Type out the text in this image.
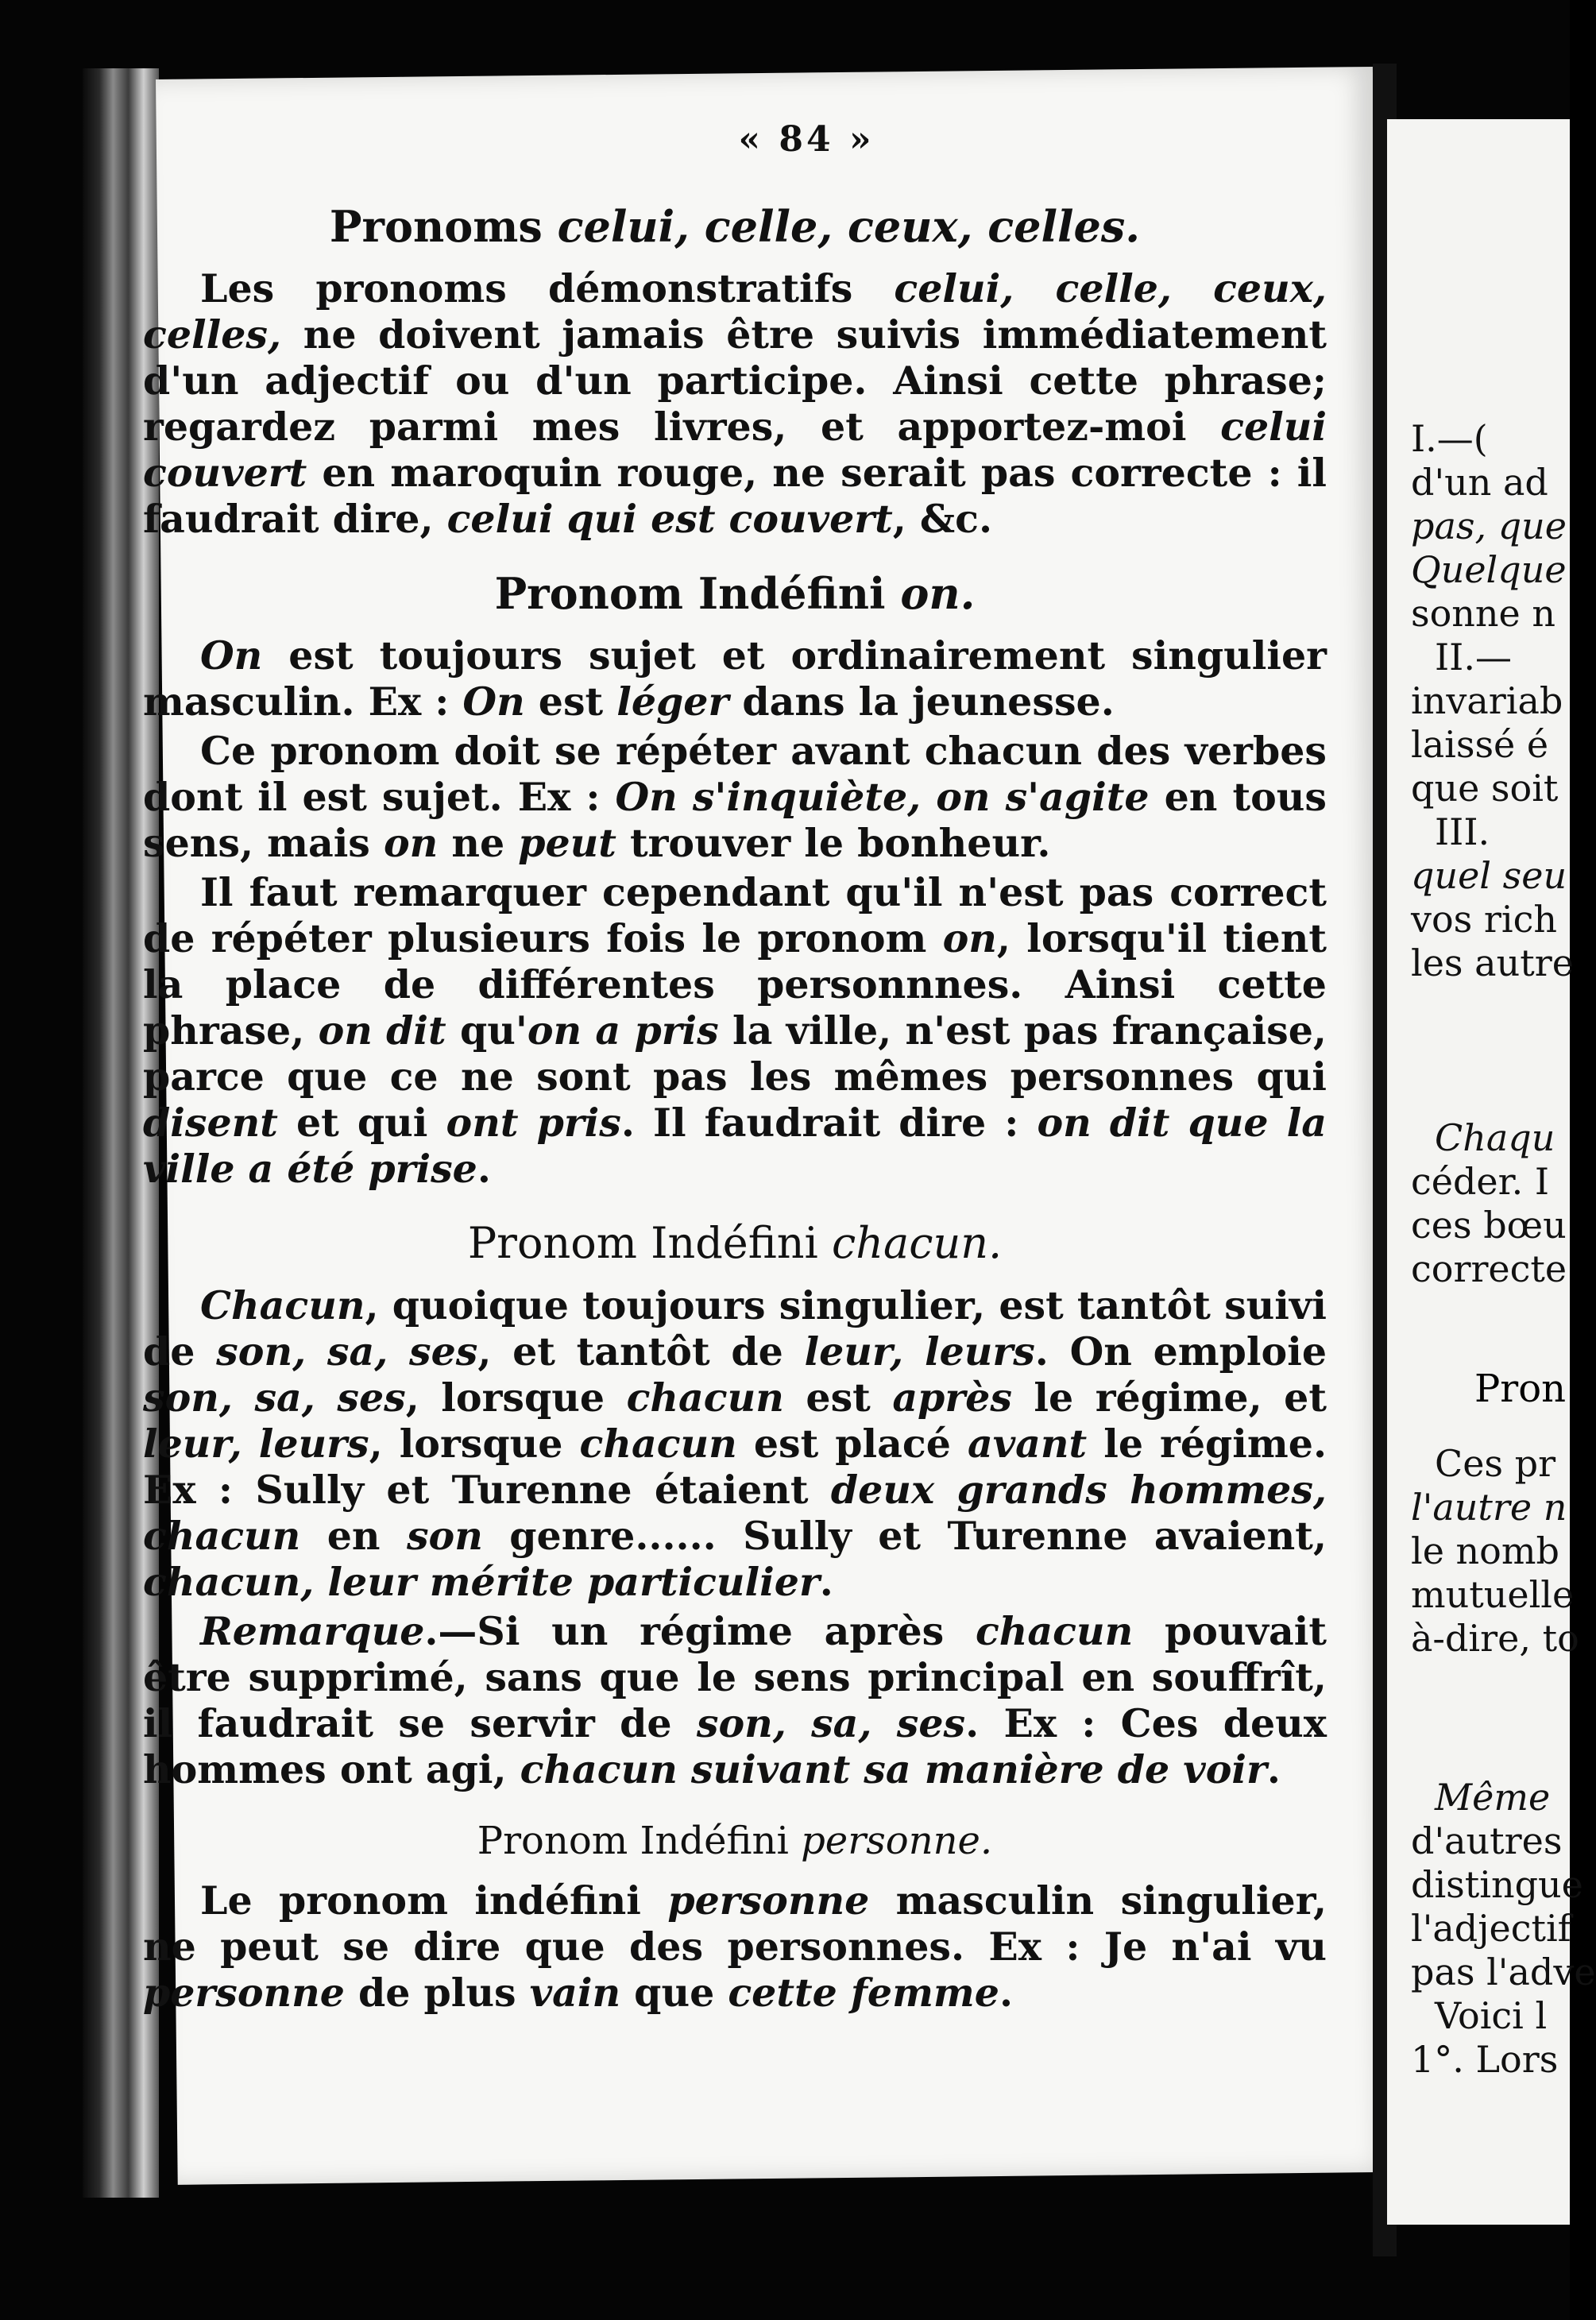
I.—(
d'un ad
pas, que
Quelque
sonne n
II.—
invariab
laissé é
que soit
III.
quel seu
vos rich
les autre
Chaqu
céder. I
ces bœu
correcte
Pron
Ces pr
l'autre n
le nomb
mutuelle
à-dire, to
Même
d'autres
distingue
l'adjectif
pas l'adve
Voici l
1°. Lors
« 84 »
Pronoms celui, celle, ceux, celles.

Les pronoms démonstratifs celui, celle, ceux, celles, ne doivent jamais être suivis immédiatement d'un adjectif ou d'un participe. Ainsi cette phrase; regardez parmi mes livres, et apportez-moi celui couvert en maroquin rouge, ne serait pas correcte : il faudrait dire, celui qui est couvert, &c.

Pronom Indéfini on.

On est toujours sujet et ordinairement singulier masculin. Ex : On est léger dans la jeunesse.

Ce pronom doit se répéter avant chacun des verbes dont il est sujet. Ex : On s'inquiète, on s'agite en tous sens, mais on ne peut trouver le bonheur.

Il faut remarquer cependant qu'il n'est pas correct de répéter plusieurs fois le pronom on, lorsqu'il tient la place de différentes personnnes. Ainsi cette phrase, on dit qu'on a pris la ville, n'est pas française, parce que ce ne sont pas les mêmes personnes qui disent et qui ont pris. Il faudrait dire : on dit que la ville a été prise.

Pronom Indéfini chacun.

Chacun, quoique toujours singulier, est tantôt suivi de son, sa, ses, et tantôt de leur, leurs. On emploie son, sa, ses, lorsque chacun est après le régime, et leur, leurs, lorsque chacun est placé avant le régime. Ex : Sully et Turenne étaient deux grands hommes, chacun en son genre...... Sully et Turenne avaient, chacun, leur mérite particulier.

Remarque.—Si un régime après chacun pouvait être supprimé, sans que le sens principal en souffrît, il faudrait se servir de son, sa, ses. Ex : Ces deux hommes ont agi, chacun suivant sa manière de voir.

Pronom Indéfini personne.

Le pronom indéfini personne masculin singulier, ne peut se dire que des personnes. Ex : Je n'ai vu personne de plus vain que cette femme.
